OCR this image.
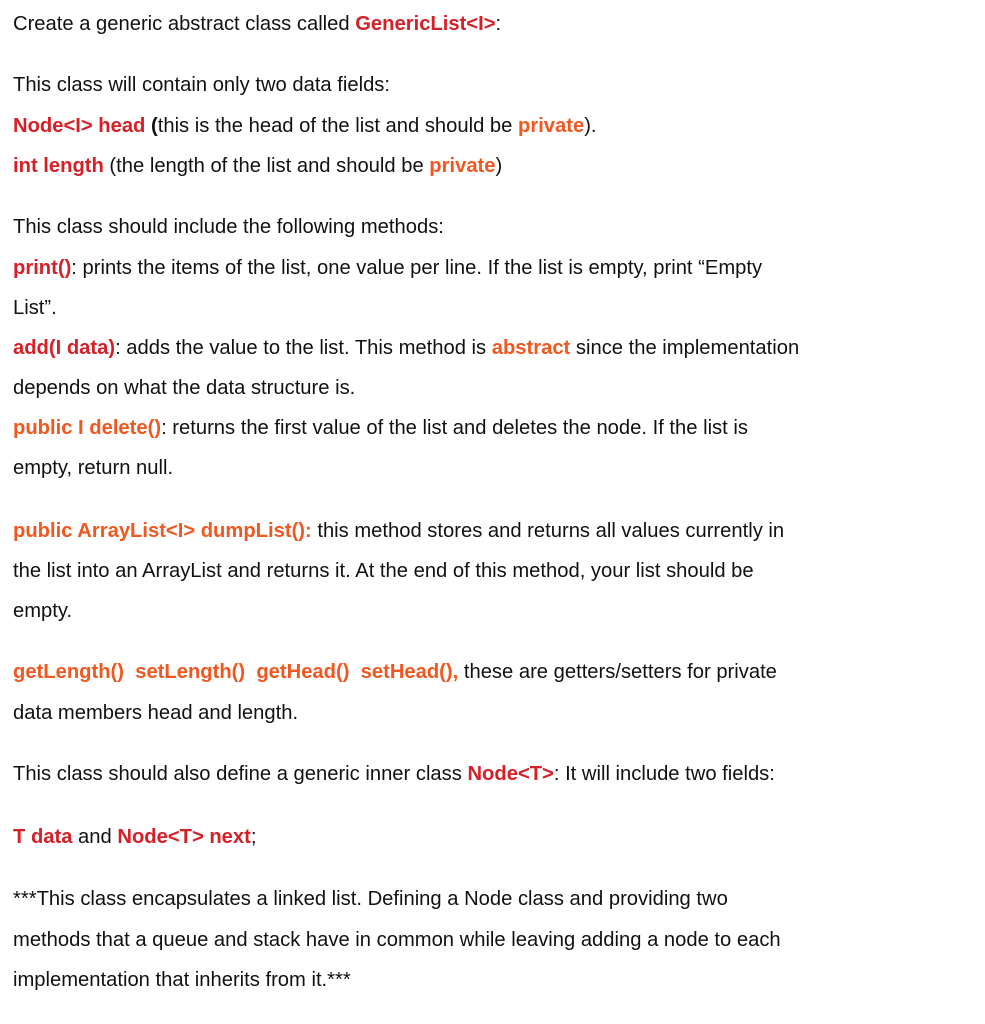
Create a generic abstract class called GenericList<I>:
This class will contain only two data fields:
Node<I> head (this is the head of the list and should be private).
int length (the length of the list and should be private)
This class should include the following methods:
print(): prints the items of the list, one value per line. If the list is empty, print “Empty
List”.
add(I data): adds the value to the list. This method is abstract since the implementation
depends on what the data structure is.
public I delete(): returns the first value of the list and deletes the node. If the list is
empty, return null.
public ArrayList<I> dumpList(): this method stores and returns all values currently in
the list into an ArrayList and returns it. At the end of this method, your list should be
empty.
getLength()  setLength()  getHead()  setHead(), these are getters/setters for private
data members head and length.
This class should also define a generic inner class Node<T>: It will include two fields:
T data and Node<T> next;
***This class encapsulates a linked list. Defining a Node class and providing two
methods that a queue and stack have in common while leaving adding a node to each
implementation that inherits from it.***
